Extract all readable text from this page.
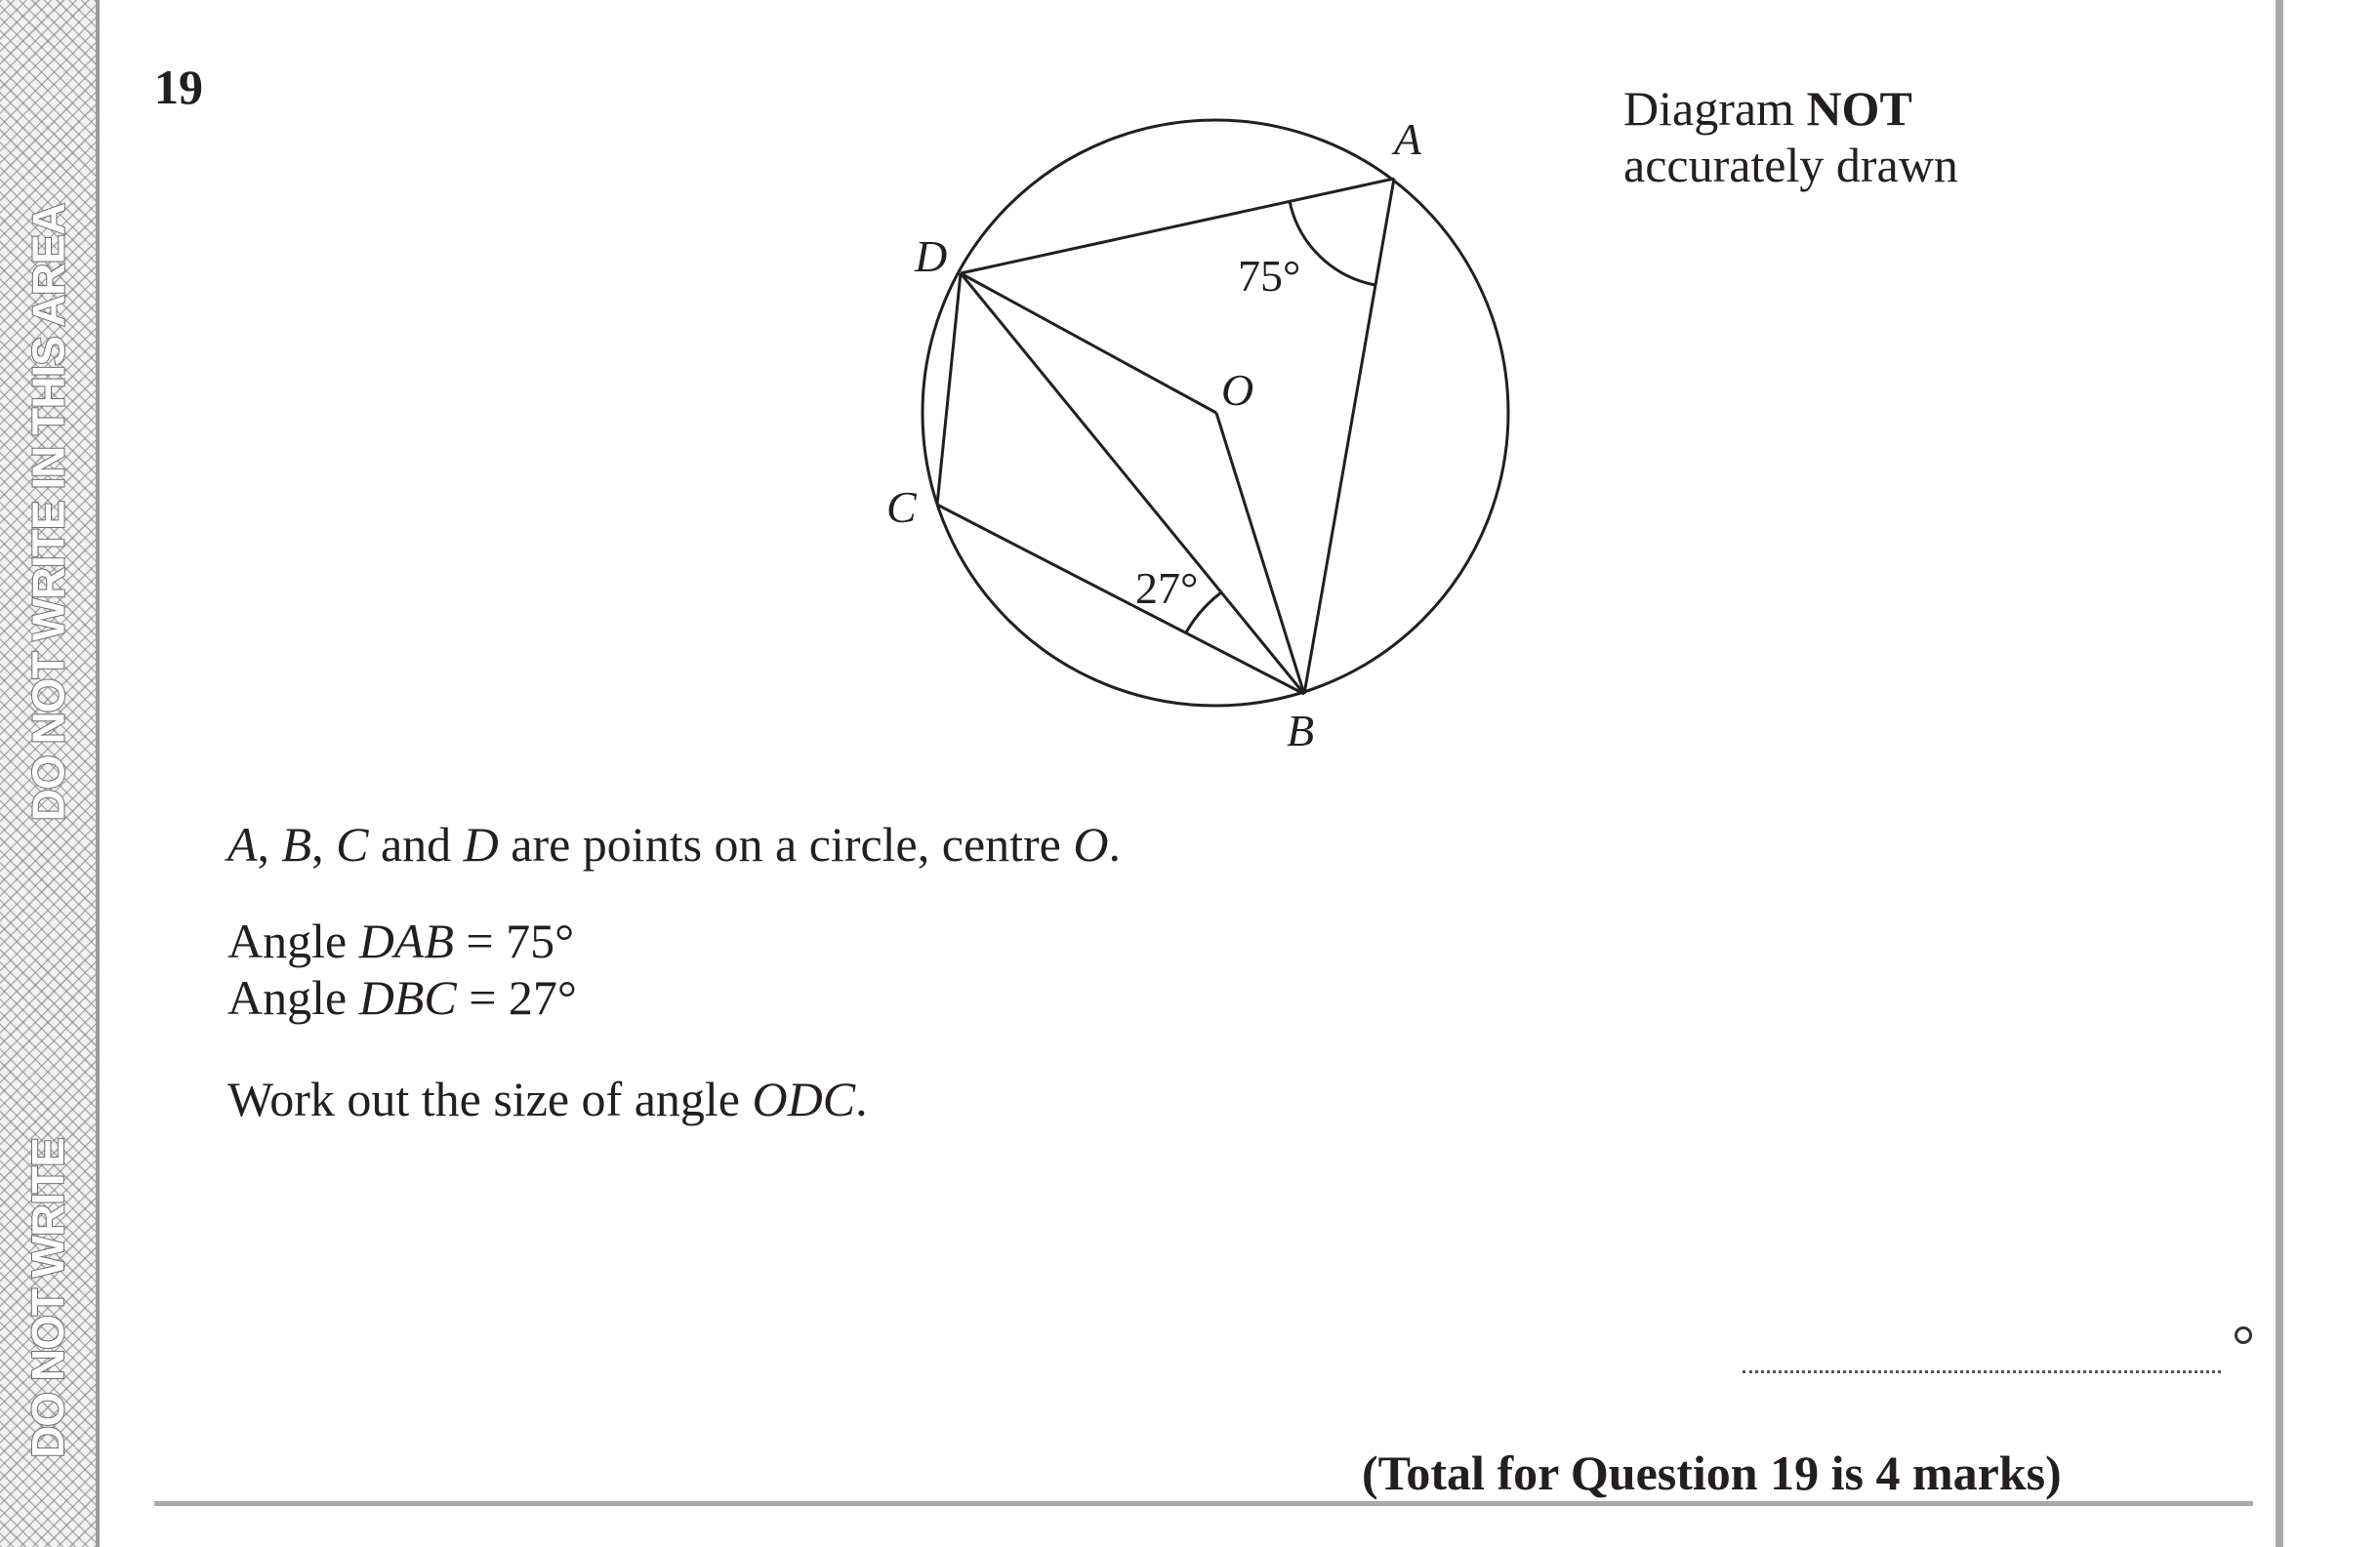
DO NOT WRITE IN THIS AREA
DO NOT WRITE
19	Diagram NOT
accurately drawn
A
B
C
D
O
75°
27°
A, B, C and D are points on a circle, centre O.
Angle DAB = 75°
Angle DBC = 27°
Work out the size of angle ODC.
(Total for Question 19 is 4 marks)
